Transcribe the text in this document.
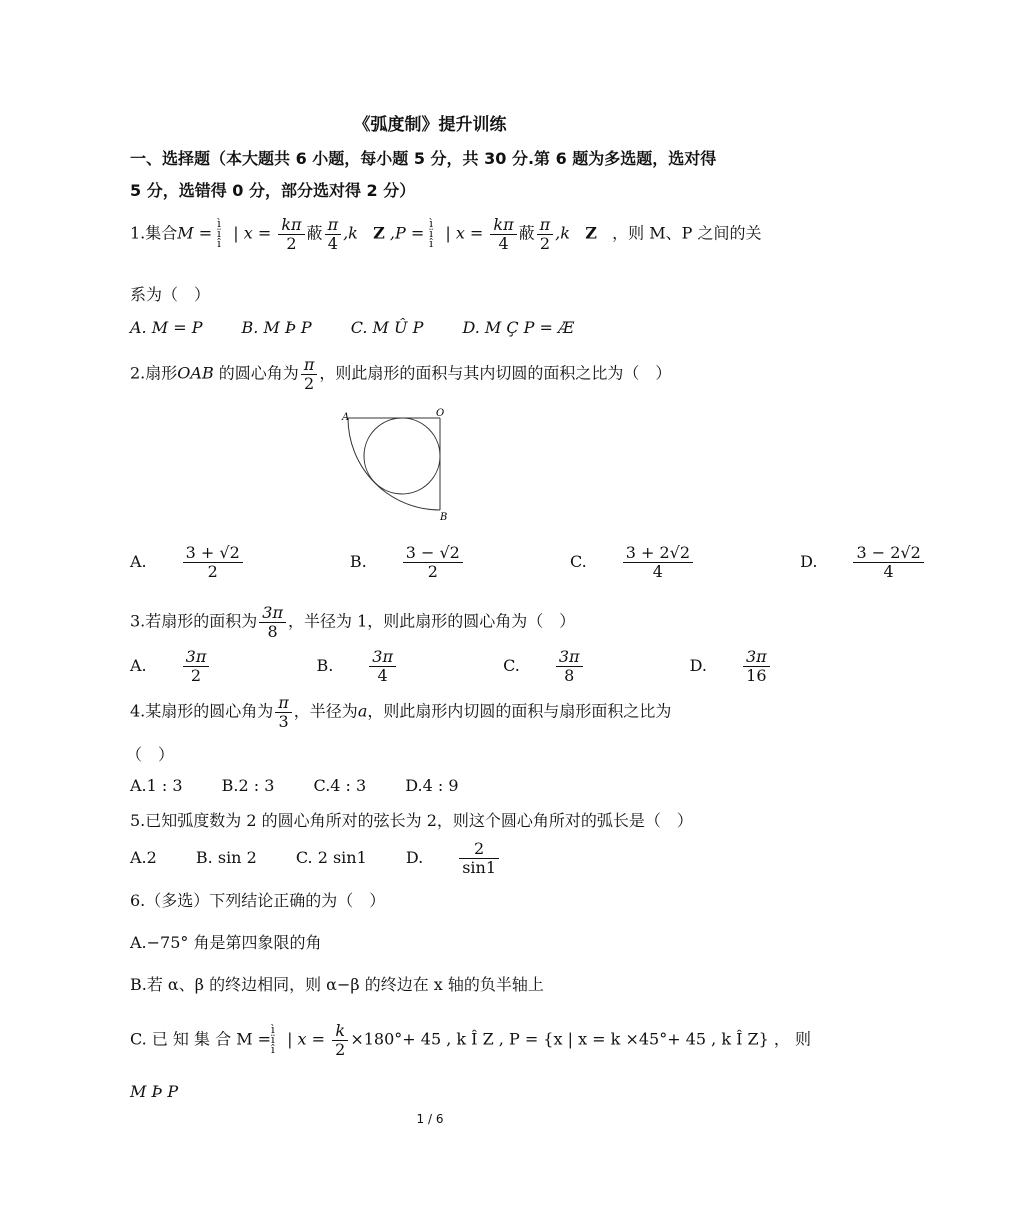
《弧度制》提升训练
一、选择题（本大题共 6 小题，每小题 5 分，共 30 分.第 6 题为多选题，选对得
5 分，选错得 0 分，部分选对得 2 分）
1.集合M = ì
ï
î| $x = \frac{k\pi}{2}$ 蔽 $\frac{\pi}{4} ,k$ Z ,P = ì
ï
î| $x = \frac{k\pi}{4}$ 蔽 $\frac{\pi}{2} ,k$ Z ，则 M、P 之间的关
系为（　）
A. M = P B. M Þ P C. M Û P D. M Ç P = Æ
2.扇形OAB 的圆心角为 $\frac{\pi}{2}$ ，则此扇形的面积与其内切圆的面积之比为（　）
A	O
B
A. $\frac{3 + √2}{2}$	B. $\frac{3 - √2}{2}$	C. $\frac{3 + 2√2}{4}$	D. $\frac{3 - 2√2}{4}$
3.若扇形的面积为 $\frac{3\pi}{8}$ ，半径为 1，则此扇形的圆心角为（　）
A. $\frac{3\pi}{2}$	B. $\frac{3\pi}{4}$	C. $\frac{3\pi}{8}$	D. $\frac{3\pi}{16}$
4.某扇形的圆心角为 $\frac{\pi}{3}$ ，半径为a，则此扇形内切圆的面积与扇形面积之比为
（　）
A.1 : 3 B.2 : 3 C.4 : 3 D.4 : 9
5.已知弧度数为 2 的圆心角所对的弦长为 2，则这个圆心角所对的弧长是（　）
A.2 B. sin 2 C. 2 sin1 D. $\frac{2}{\sin 1}$
6.（多选）下列结论正确的为（　）
A.−75° 角是第四象限的角
B.若 α、β 的终边相同，则 α−β 的终边在 x 轴的负半轴上
C. 已 知 集 合 M =ì
ï
î| $x = \frac{k}{2} \times 180^\circ+ 45$ , k Î Z , P = {x | x = k ×45°+ 45 , k Î Z} ， 则
M Þ P
1 / 6
